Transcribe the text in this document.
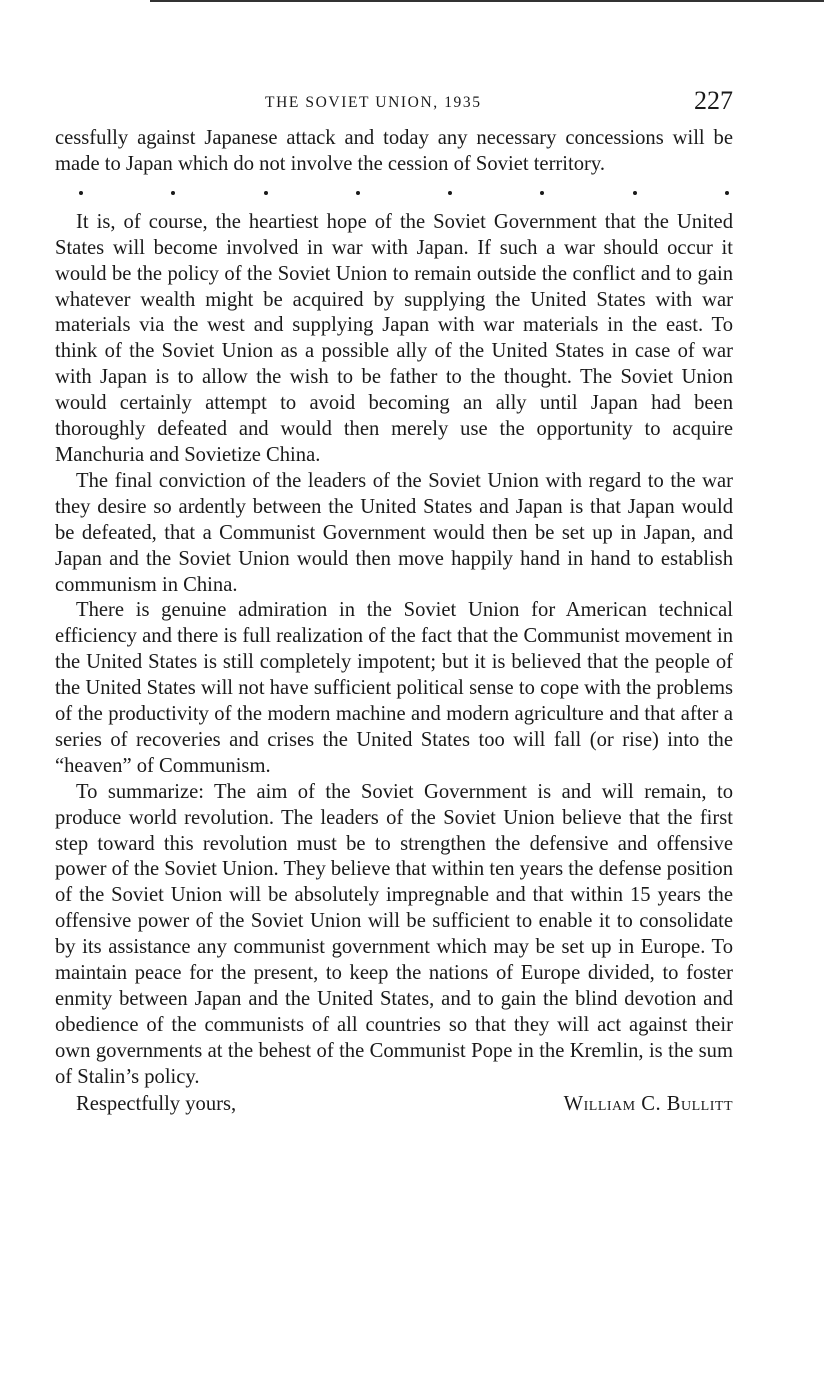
THE SOVIET UNION, 1935	227

cessfully against Japanese attack and today any necessary concessions will be made to Japan which do not involve the cession of Soviet territory.

It is, of course, the heartiest hope of the Soviet Government that the United States will become involved in war with Japan. If such a war should occur it would be the policy of the Soviet Union to remain outside the conflict and to gain whatever wealth might be acquired by supplying the United States with war materials via the west and supplying Japan with war materials in the east. To think of the Soviet Union as a possible ally of the United States in case of war with Japan is to allow the wish to be father to the thought. The Soviet Union would certainly attempt to avoid becoming an ally until Japan had been thoroughly defeated and would then merely use the opportunity to acquire Manchuria and Sovietize China.

The final conviction of the leaders of the Soviet Union with regard to the war they desire so ardently between the United States and Japan is that Japan would be defeated, that a Communist Government would then be set up in Japan, and Japan and the Soviet Union would then move happily hand in hand to establish communism in China.

There is genuine admiration in the Soviet Union for American technical efficiency and there is full realization of the fact that the Communist movement in the United States is still completely impotent; but it is believed that the people of the United States will not have sufficient political sense to cope with the problems of the productivity of the modern machine and modern agriculture and that after a series of recoveries and crises the United States too will fall (or rise) into the “heaven” of Communism.

To summarize: The aim of the Soviet Government is and will remain, to produce world revolution. The leaders of the Soviet Union believe that the first step toward this revolution must be to strengthen the defensive and offensive power of the Soviet Union. They believe that within ten years the defense position of the Soviet Union will be absolutely impregnable and that within 15 years the offensive power of the Soviet Union will be sufficient to enable it to consolidate by its assistance any communist government which may be set up in Europe. To maintain peace for the present, to keep the nations of Europe divided, to foster enmity between Japan and the United States, and to gain the blind devotion and obedience of the communists of all countries so that they will act against their own governments at the behest of the Communist Pope in the Kremlin, is the sum of Stalin’s policy.

Respectfully yours,	William C. Bullitt
